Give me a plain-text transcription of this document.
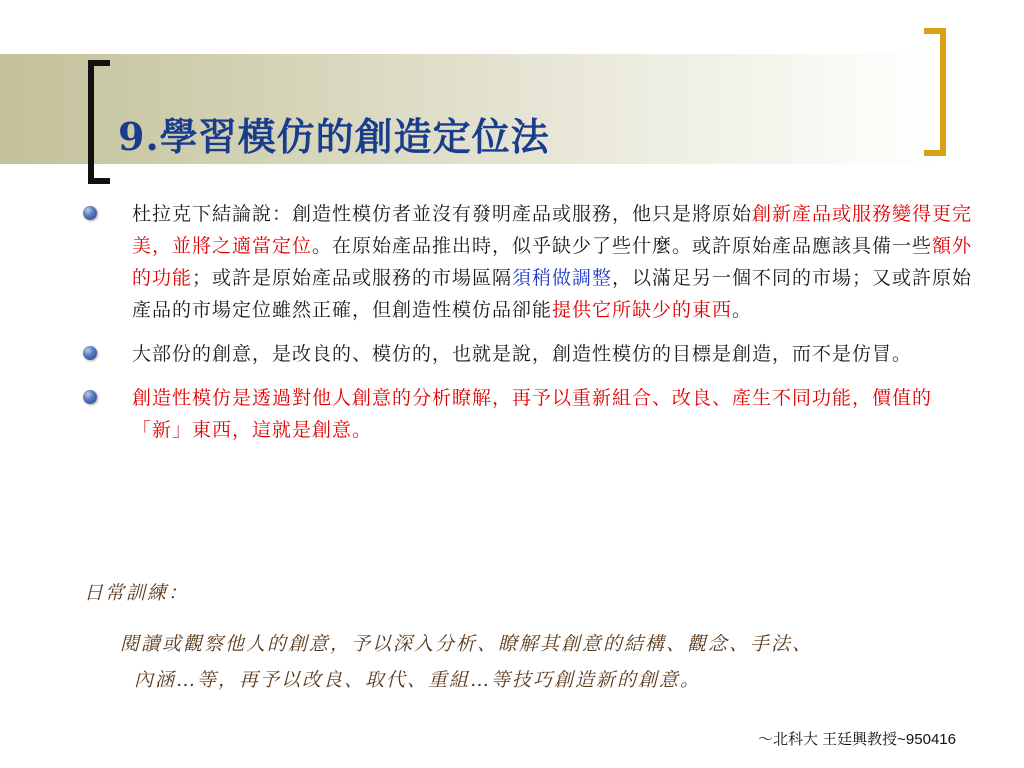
9.學習模仿的創造定位法
杜拉克下結論說：創造性模仿者並沒有發明產品或服務，他只是將原始創新產品或服務變得更完美，並將之適當定位。在原始產品推出時，似乎缺少了些什麼。或許原始產品應該具備一些額外的功能；或許是原始產品或服務的市場區隔須稍做調整，以滿足另一個不同的市場；又或許原始產品的市場定位雖然正確，但創造性模仿品卻能提供它所缺少的東西。
大部份的創意，是改良的、模仿的，也就是說，創造性模仿的目標是創造，而不是仿冒。
創造性模仿是透過對他人創意的分析瞭解，再予以重新組合、改良、產生不同功能，價值的「新」東西，這就是創意。
日常訓練：
閱讀或觀察他人的創意，予以深入分析、瞭解其創意的結構、觀念、手法、
內涵…等，再予以改良、取代、重組…等技巧創造新的創意。
～北科大 王廷興教授~950416
